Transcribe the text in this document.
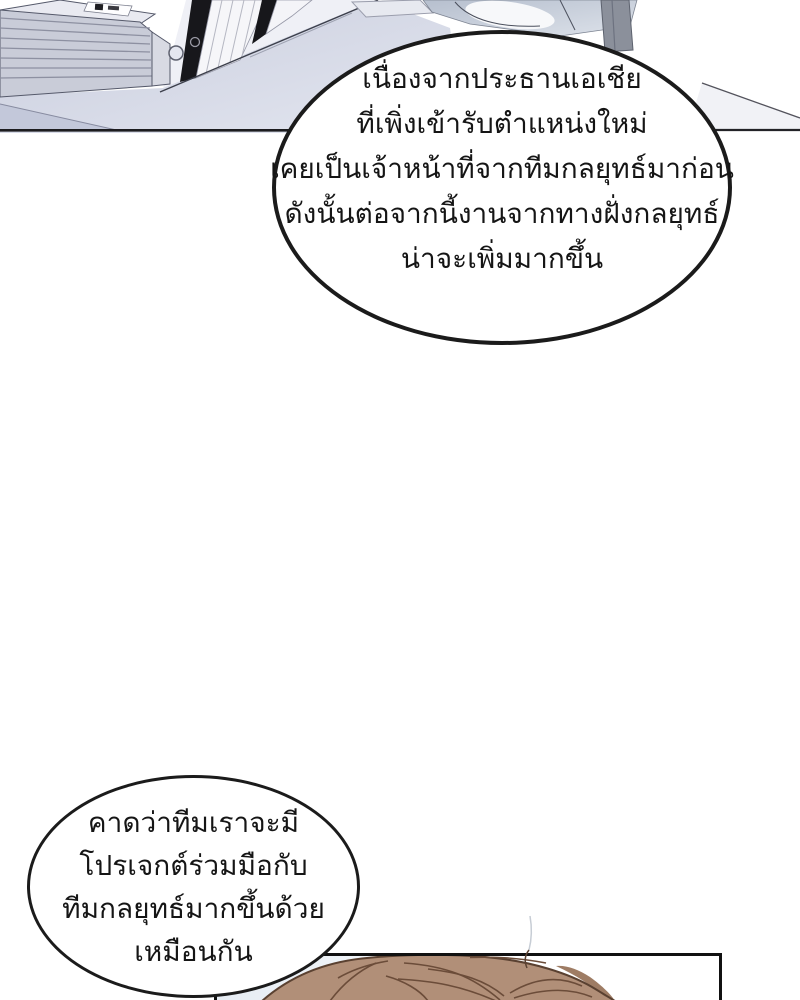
เนื่องจากประธานเอเชีย
ที่เพิ่งเข้ารับตำแหน่งใหม่
เคยเป็นเจ้าหน้าที่จากทีมกลยุทธ์มาก่อน
ดังนั้นต่อจากนี้งานจากทางฝั่งกลยุทธ์
น่าจะเพิ่มมากขึ้น
คาดว่าทีมเราจะมี
โปรเจกต์ร่วมมือกับ
ทีมกลยุทธ์มากขึ้นด้วย
เหมือนกัน
